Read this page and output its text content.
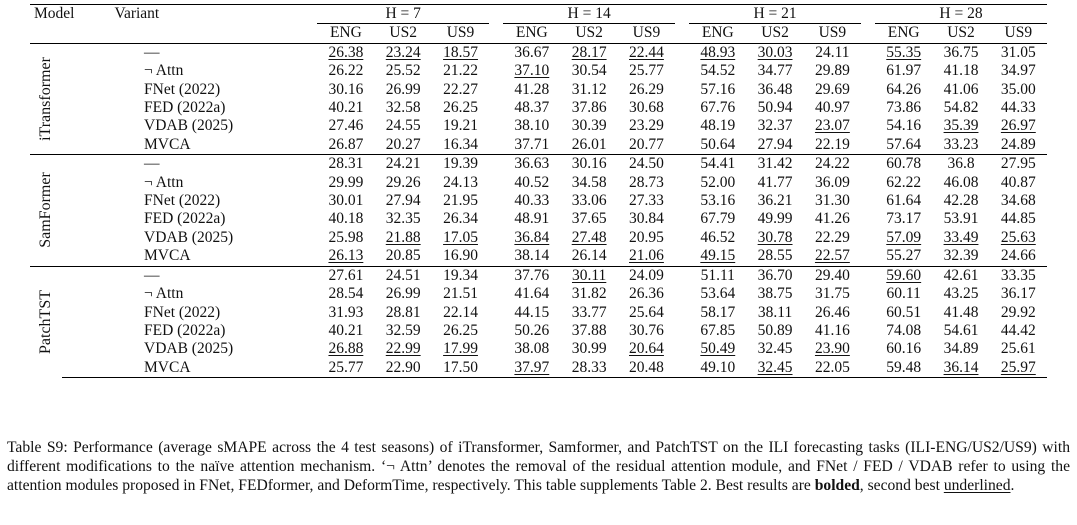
Model Variant		H = 7				H = 14				H = 21				H = 28		
		ENG	US2	US9		ENG	US2	US9		ENG	US2	US9		ENG	US2	US9

iTransformer	—	26.38	23.24	18.57		36.67	28.17	22.44		48.93	30.03	24.11		55.35	36.75	31.05
	¬ Attn	26.22	25.52	21.22		37.10	30.54	25.77		54.52	34.77	29.89		61.97	41.18	34.97
	FNet (2022)	30.16	26.99	22.27		41.28	31.12	26.29		57.16	36.48	29.69		64.26	41.06	35.00
	FED (2022a)	40.21	32.58	26.25		48.37	37.86	30.68		67.76	50.94	40.97		73.86	54.82	44.33
	VDAB (2025)	27.46	24.55	19.21		38.10	30.39	23.29		48.19	32.37	23.07		54.16	35.39	26.97
	MVCA	26.87	20.27	16.34		37.71	26.01	20.77		50.64	27.94	22.19		57.64	33.23	24.89

SamFormer	—	28.31	24.21	19.39		36.63	30.16	24.50		54.41	31.42	24.22		60.78	36.8	27.95
	¬ Attn	29.99	29.26	24.13		40.52	34.58	28.73		52.00	41.77	36.09		62.22	46.08	40.87
	FNet (2022)	30.01	27.94	21.95		40.33	33.06	27.33		53.16	36.21	31.30		61.64	42.28	34.68
	FED (2022a)	40.18	32.35	26.34		48.91	37.65	30.84		67.79	49.99	41.26		73.17	53.91	44.85
	VDAB (2025)	25.98	21.88	17.05		36.84	27.48	20.95		46.52	30.78	22.29		57.09	33.49	25.63
	MVCA	26.13	20.85	16.90		38.14	26.14	21.06		49.15	28.55	22.57		55.27	32.39	24.66

PatchTST	—	27.61	24.51	19.34		37.76	30.11	24.09		51.11	36.70	29.40		59.60	42.61	33.35
	¬ Attn	28.54	26.99	21.51		41.64	31.82	26.36		53.64	38.75	31.75		60.11	43.25	36.17
	FNet (2022)	31.93	28.81	22.14		44.15	33.77	25.64		58.17	38.11	26.46		60.51	41.48	29.92
	FED (2022a)	40.21	32.59	26.25		50.26	37.88	30.76		67.85	50.89	41.16		74.08	54.61	44.42
	VDAB (2025)	26.88	22.99	17.99		38.08	30.99	20.64		50.49	32.45	23.90		60.16	34.89	25.61
	MVCA	25.77	22.90	17.50		37.97	28.33	20.48		49.10	32.45	22.05		59.48	36.14	25.97
Table S9: Performance (average sMAPE across the 4 test seasons) of iTransformer, Samformer, and PatchTST on the ILI forecasting tasks (ILI-ENG/US2/US9) with different modifications to the naïve attention mechanism. ‘¬ Attn’ denotes the removal of the residual attention module, and FNet / FED / VDAB refer to using the attention modules proposed in FNet, FEDformer, and DeformTime, respectively. This table supplements Table 2. Best results are bolded, second best underlined.
